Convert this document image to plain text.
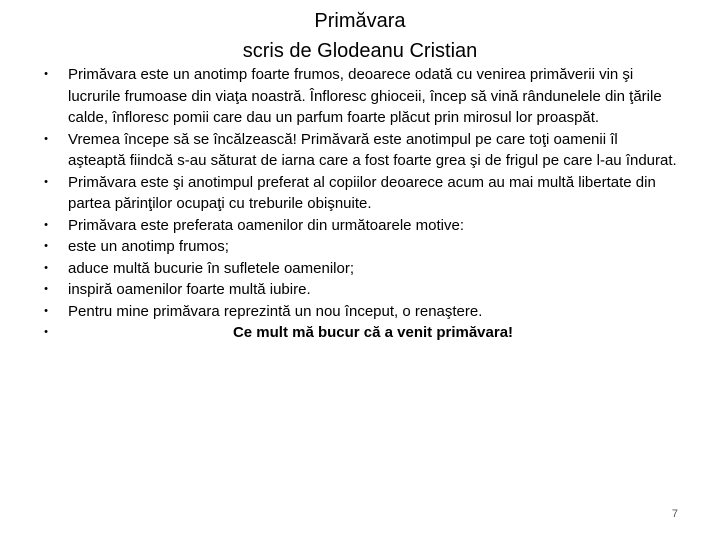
Primăvara
scris de Glodeanu Cristian
•	Primăvara este un anotimp foarte frumos, deoarece odată cu venirea primăverii vin şi lucrurile frumoase din viaţa noastră. Înfloresc ghioceii, încep să vină rândunelele din ţările calde, înfloresc pomii care dau un parfum foarte plăcut prin mirosul lor proaspăt.
•	Vremea începe să se încălzească! Primăvară este anotimpul pe care toţi oamenii îl aşteaptă fiindcă s-au săturat de iarna care a fost foarte grea şi de frigul pe care l-au îndurat.
•	Primăvara este şi anotimpul preferat al copiilor deoarece acum au mai multă libertate din partea părinţilor ocupaţi cu treburile obişnuite.
•	Primăvara este preferata oamenilor din următoarele motive:
•	este un anotimp frumos;
•	aduce multă bucurie în sufletele oamenilor;
•	inspiră oamenilor foarte multă iubire.
•	Pentru mine primăvara reprezintă un nou început, o renaştere.
•	Ce mult mă bucur că a venit primăvara!
7
